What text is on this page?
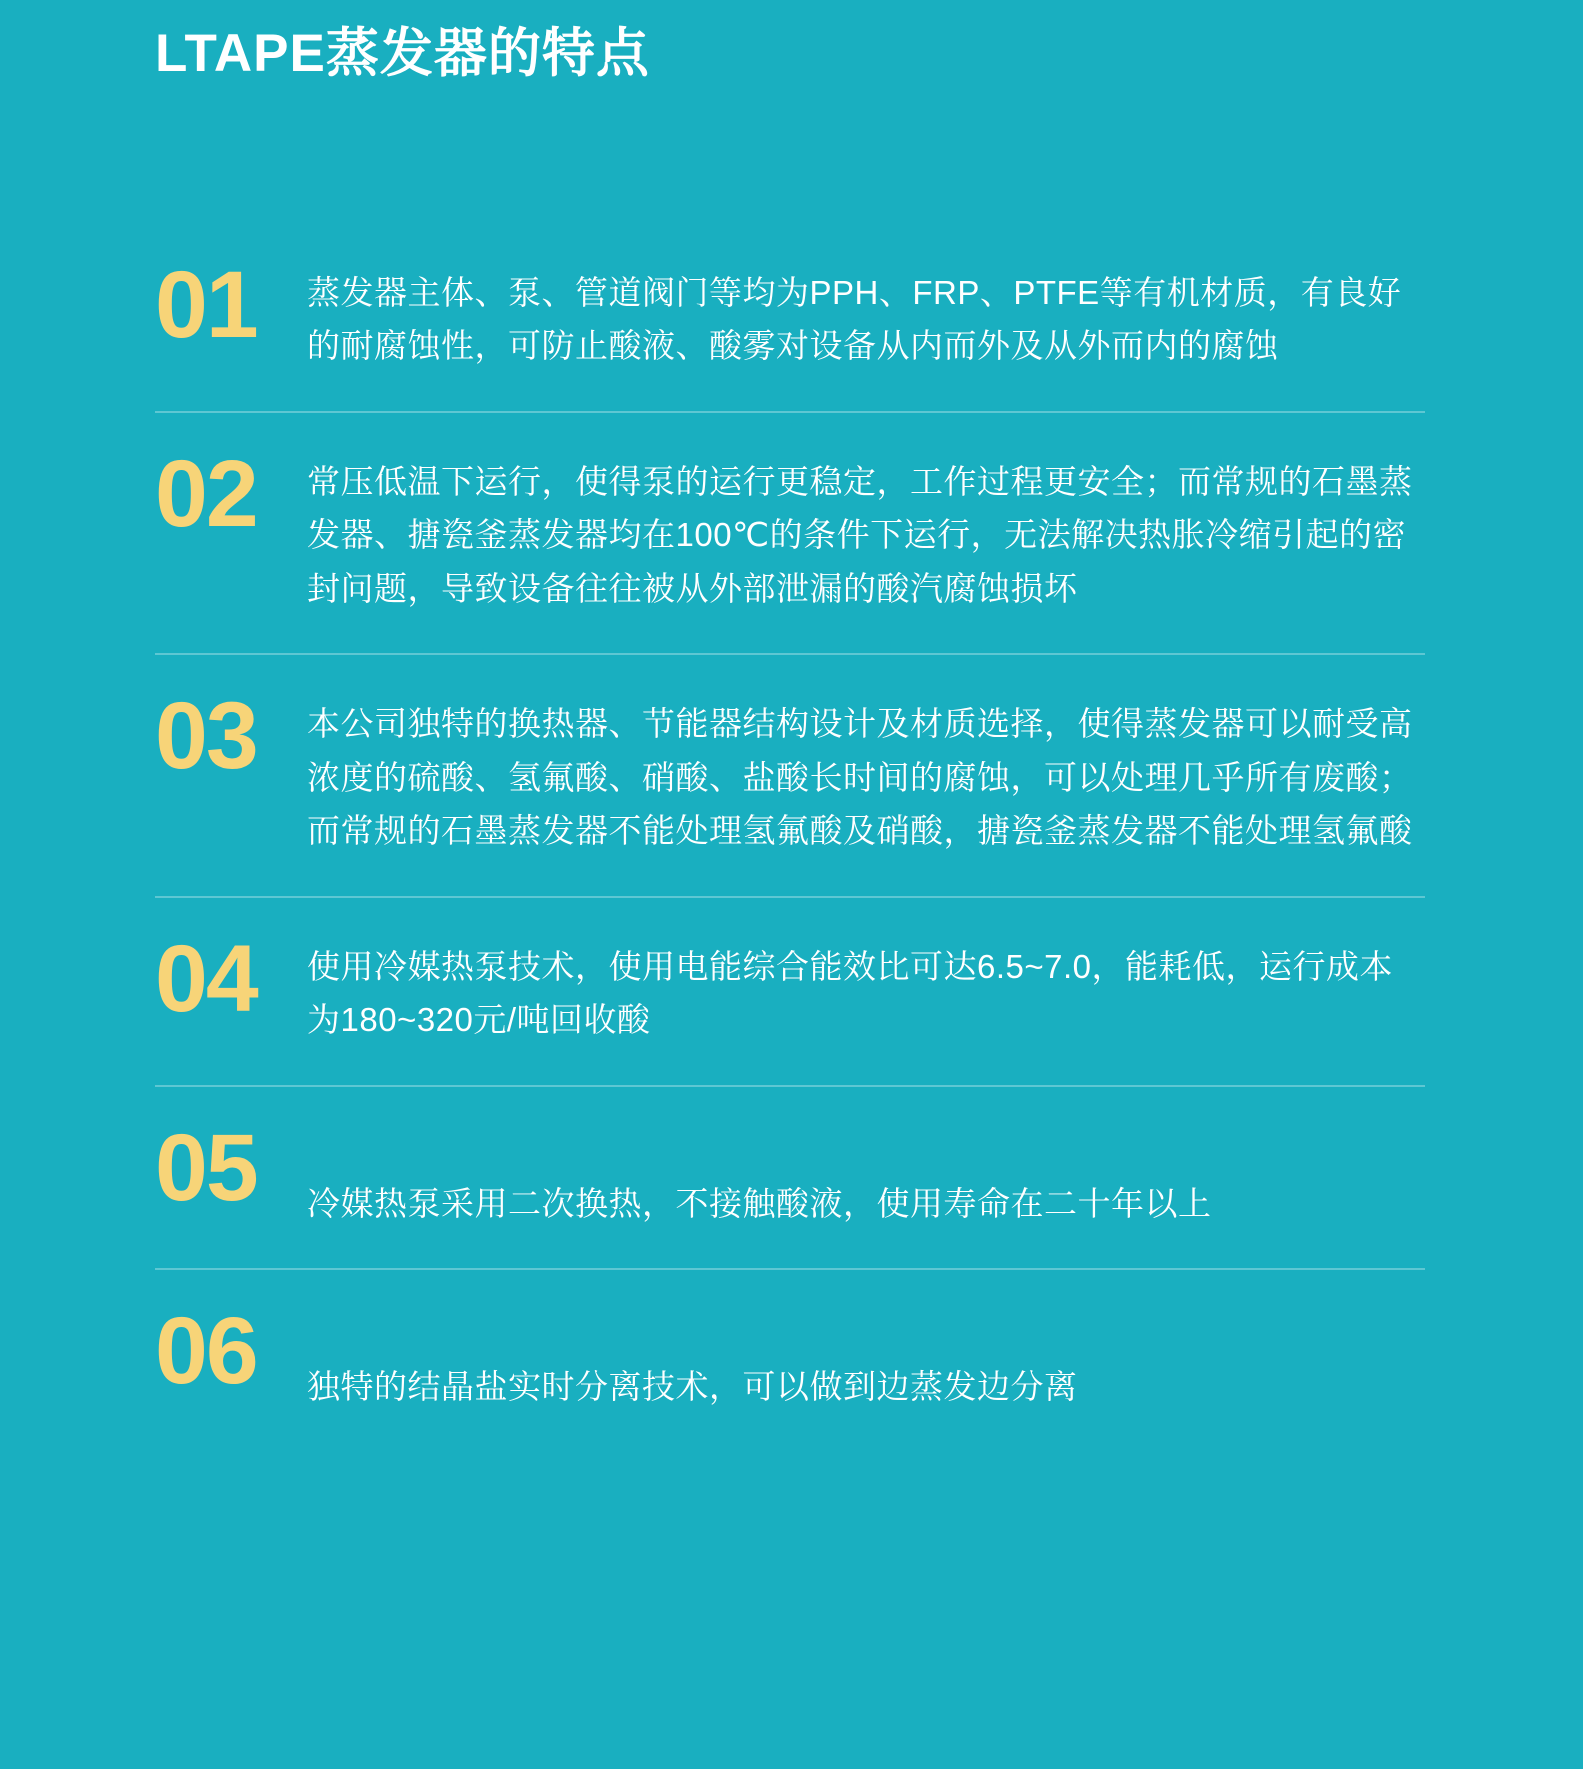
LTAPE蒸发器的特点
01	蒸发器主体、泵、管道阀门等均为PPH、FRP、PTFE等有机材质，有良好的耐腐蚀性，可防止酸液、酸雾对设备从内而外及从外而内的腐蚀
02	常压低温下运行，使得泵的运行更稳定，工作过程更安全；而常规的石墨蒸发器、搪瓷釜蒸发器均在100℃的条件下运行，无法解决热胀冷缩引起的密封问题，导致设备往往被从外部泄漏的酸汽腐蚀损坏
03	本公司独特的换热器、节能器结构设计及材质选择，使得蒸发器可以耐受高浓度的硫酸、氢氟酸、硝酸、盐酸长时间的腐蚀，可以处理几乎所有废酸；而常规的石墨蒸发器不能处理氢氟酸及硝酸，搪瓷釜蒸发器不能处理氢氟酸
04	使用冷媒热泵技术，使用电能综合能效比可达6.5~7.0，能耗低，运行成本为180~320元/吨回收酸
05	冷媒热泵采用二次换热，不接触酸液，使用寿命在二十年以上
06	独特的结晶盐实时分离技术，可以做到边蒸发边分离
